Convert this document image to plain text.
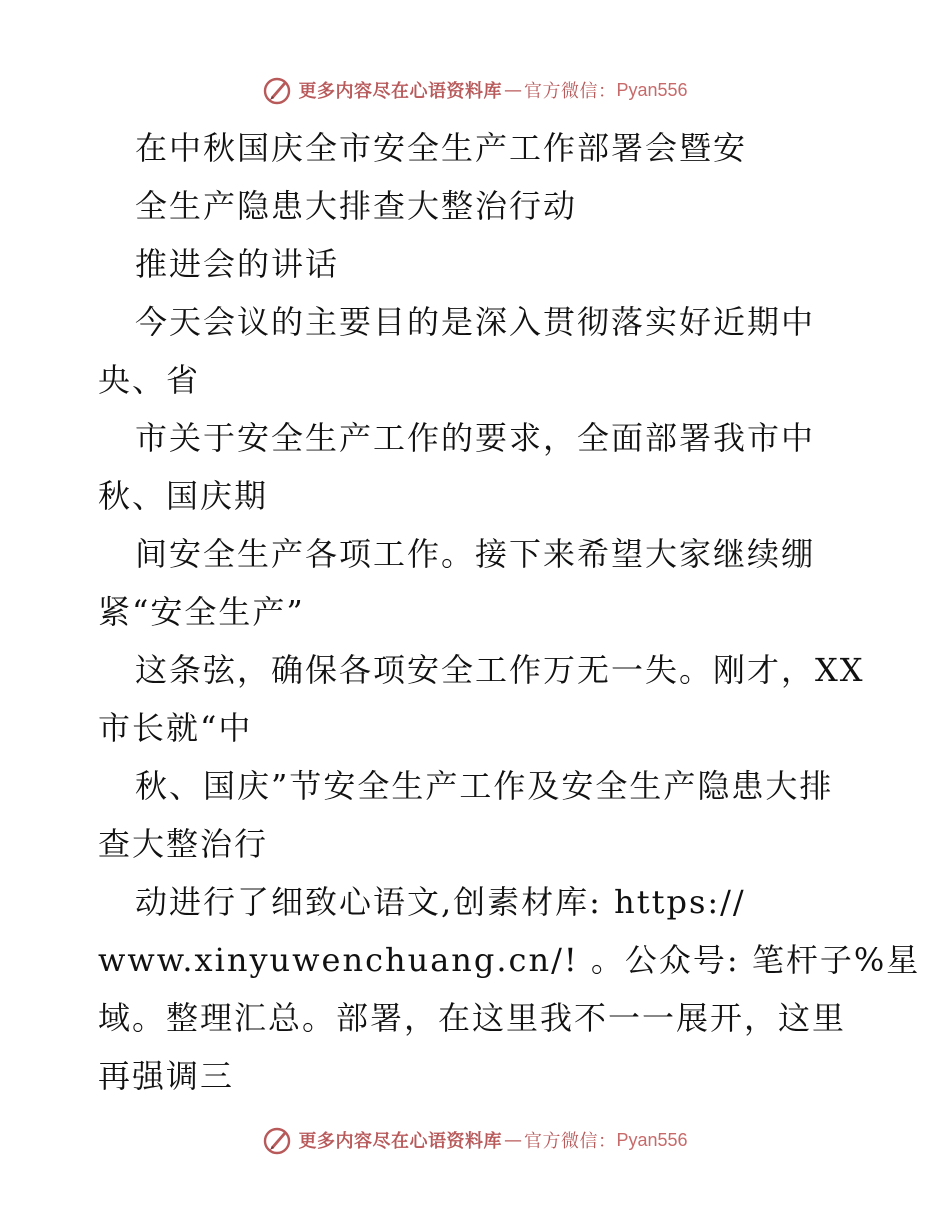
更多内容尽在心语资料库 — 官方微信： Pyan556
在中秋国庆全市安全生产工作部署会暨安
全生产隐患大排查大整治行动
推进会的讲话
今天会议的主要目的是深入贯彻落实好近期中
央、省
市关于安全生产工作的要求，全面部署我市中
秋、国庆期
间安全生产各项工作。接下来希望大家继续绷
紧“安全生产”
这条弦，确保各项安全工作万无一失。刚才，XX
市长就“中
秋、国庆”节安全生产工作及安全生产隐患大排
查大整治行
动进行了细致心语文,创素材库: https://
www.xinyuwenchuang.cn/! 。公众号: 笔杆子%星
域。整理汇总。部署，在这里我不一一展开，这里
再强调三
更多内容尽在心语资料库 — 官方微信： Pyan556
